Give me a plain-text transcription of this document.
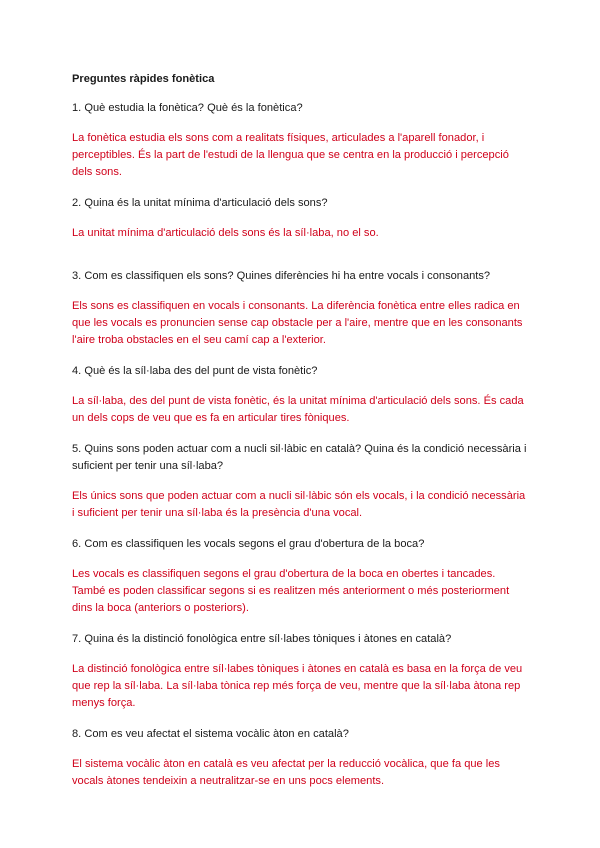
Preguntes ràpides fonètica

1. Què estudia la fonètica? Què és la fonètica?

La fonètica estudia els sons com a realitats físiques, articulades a l'aparell fonador, i perceptibles. És la part de l'estudi de la llengua que se centra en la producció i percepció dels sons.

2. Quina és la unitat mínima d'articulació dels sons?

La unitat mínima d'articulació dels sons és la síl·laba, no el so.

3. Com es classifiquen els sons? Quines diferències hi ha entre vocals i consonants?

Els sons es classifiquen en vocals i consonants. La diferència fonètica entre elles radica en que les vocals es pronuncien sense cap obstacle per a l'aire, mentre que en les consonants l'aire troba obstacles en el seu camí cap a l'exterior.

4. Què és la síl·laba des del punt de vista fonètic?

La síl·laba, des del punt de vista fonètic, és la unitat mínima d'articulació dels sons. És cada un dels cops de veu que es fa en articular tires fòniques.

5. Quins sons poden actuar com a nucli sil·làbic en català? Quina és la condició necessària i suficient per tenir una síl·laba?

Els únics sons que poden actuar com a nucli sil·làbic són els vocals, i la condició necessària i suficient per tenir una síl·laba és la presència d'una vocal.

6. Com es classifiquen les vocals segons el grau d'obertura de la boca?

Les vocals es classifiquen segons el grau d'obertura de la boca en obertes i tancades. També es poden classificar segons si es realitzen més anteriorment o més posteriorment dins la boca (anteriors o posteriors).

7. Quina és la distinció fonològica entre síl·labes tòniques i àtones en català?

La distinció fonològica entre síl·labes tòniques i àtones en català es basa en la força de veu que rep la síl·laba. La síl·laba tònica rep més força de veu, mentre que la síl·laba àtona rep menys força.

8. Com es veu afectat el sistema vocàlic àton en català?

El sistema vocàlic àton en català es veu afectat per la reducció vocàlica, que fa que les vocals àtones tendeixin a neutralitzar-se en uns pocs elements.
